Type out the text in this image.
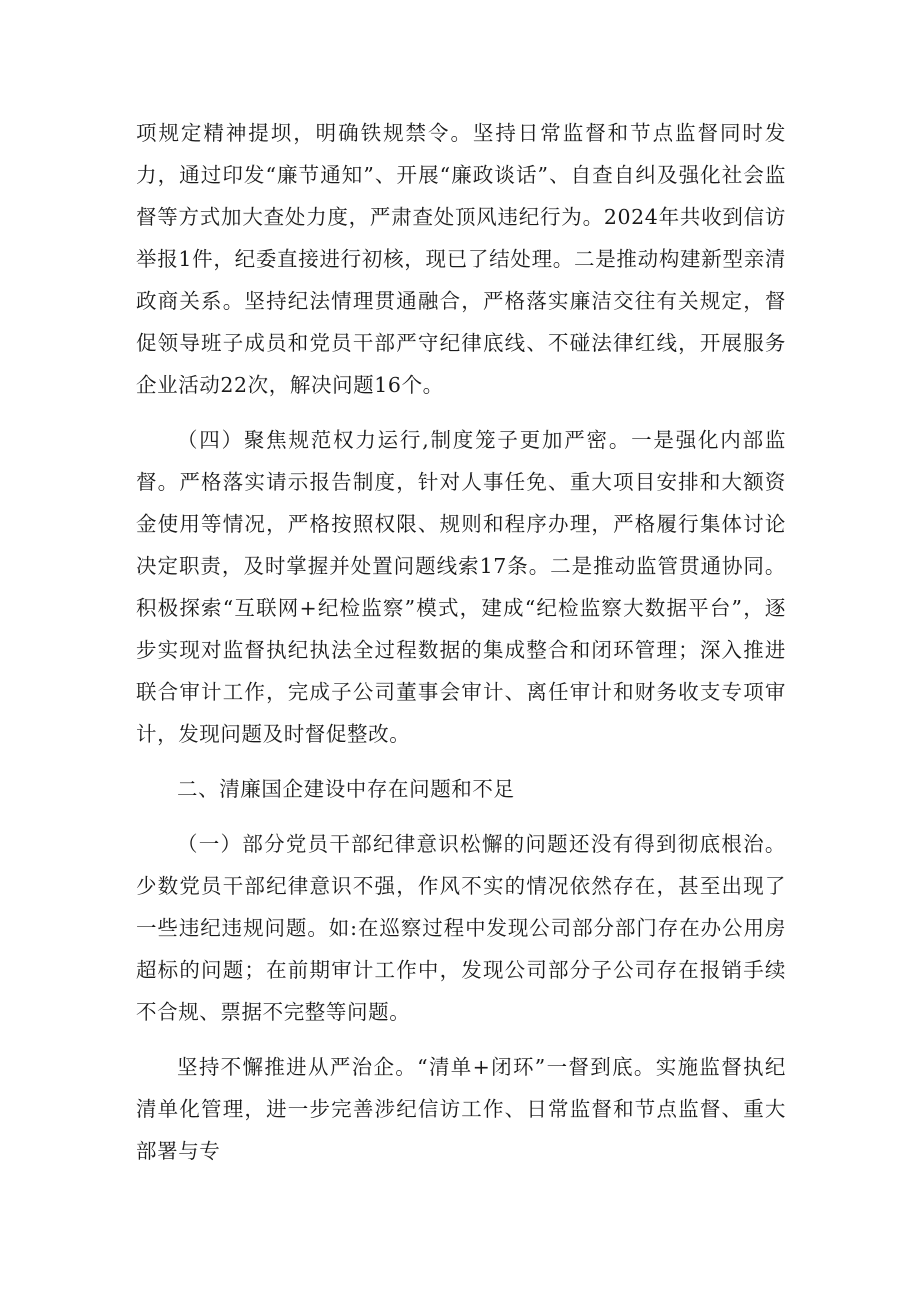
项规定精神提坝，明确铁规禁令。坚持日常监督和节点监督同时发力，通过印发“廉节通知”、开展“廉政谈话”、自查自纠及强化社会监督等方式加大查处力度，严肃查处顶风违纪行为。2024年共收到信访举报1件，纪委直接进行初核，现已了结处理。二是推动构建新型亲清政商关系。坚持纪法情理贯通融合，严格落实廉洁交往有关规定，督促领导班子成员和党员干部严守纪律底线、不碰法律红线，开展服务企业活动22次，解决问题16个。

（四）聚焦规范权力运行,制度笼子更加严密。一是强化内部监督。严格落实请示报告制度，针对人事任免、重大项目安排和大额资金使用等情况，严格按照权限、规则和程序办理，严格履行集体讨论决定职责，及时掌握并处置问题线索17条。二是推动监管贯通协同。积极探索“互联网+纪检监察”模式，建成“纪检监察大数据平台”，逐步实现对监督执纪执法全过程数据的集成整合和闭环管理；深入推进联合审计工作，完成子公司董事会审计、离任审计和财务收支专项审计，发现问题及时督促整改。

二、清廉国企建设中存在问题和不足

（一）部分党员干部纪律意识松懈的问题还没有得到彻底根治。少数党员干部纪律意识不强，作风不实的情况依然存在，甚至出现了一些违纪违规问题。如:在巡察过程中发现公司部分部门存在办公用房超标的问题；在前期审计工作中，发现公司部分子公司存在报销手续不合规、票据不完整等问题。

坚持不懈推进从严治企。“清单+闭环”一督到底。实施监督执纪清单化管理，进一步完善涉纪信访工作、日常监督和节点监督、重大部署与专
